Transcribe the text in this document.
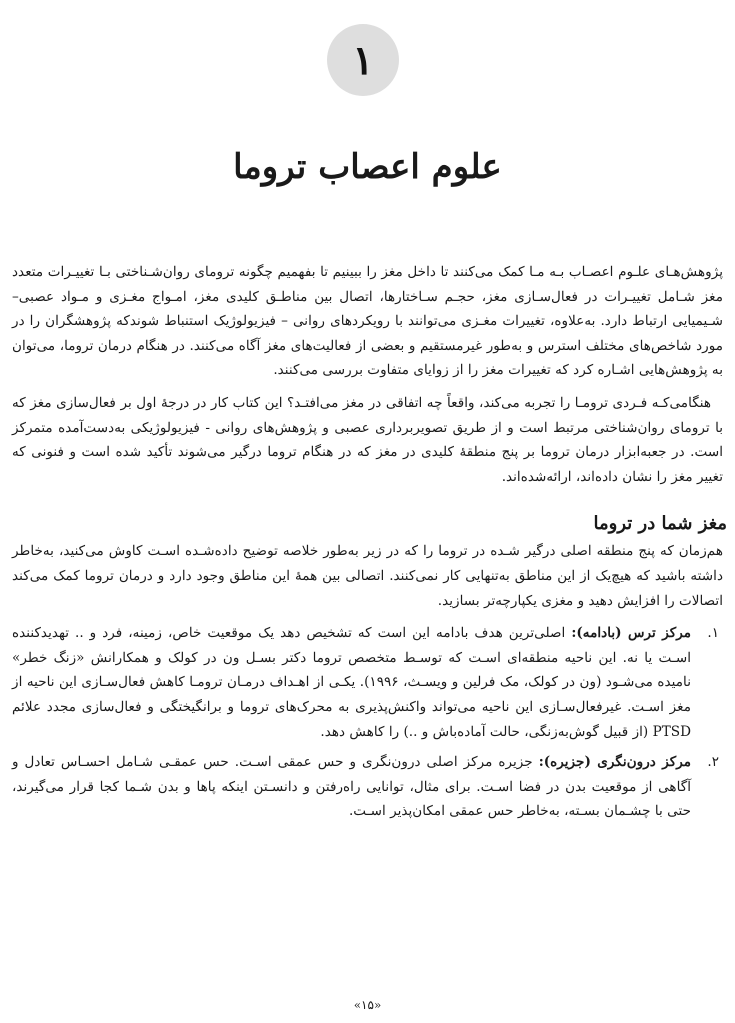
۱
علوم اعصاب تروما

پژوهش‌هـای علـوم اعصـاب بـه مـا کمک می‌کنند تا داخل مغز را ببینیم تا بفهمیم چگونه ترومای روان‌شـناختی بـا تغییـرات متعدد مغز شـامل تغییـرات در فعال‌سـازی مغز، حجـم سـاختارها، اتصال بین مناطـق کلیدی مغز، امـواج مغـزی و مـواد عصبی– شـیمیایی ارتباط دارد. به‌علاوه، تغییرات مغـزی می‌توانند با رویکردهای روانی – فیزیولوژیک استنباط شوندکه پژوهشگران را در مورد شاخص‌های مختلف استرس و به‌طور غیرمستقیم و بعضی از فعالیت‌های مغز آگاه می‌کنند. در هنگام درمان تروما، می‌توان به پژوهش‌هایی اشـاره کرد که تغییرات مغز را از زوایای متفاوت بررسی می‌کنند.

هنگامی‌کـه فـردی ترومـا را تجربه می‌کند، واقعاً چه اتفاقی در مغز می‌افتـد؟ این کتاب کار در درجهٔ اول بر فعال‌سازی مغز که با ترومای روان‌شناختی مرتبط است و از طریق تصویربرداری عصبی و پژوهش‌های روانی - فیزیولوژیکی به‌دست‌آمده متمرکز است. در جعبه‌ابزار درمان تروما بر پنج منطقهٔ کلیدی در مغز که در هنگام تروما درگیر می‌شوند تأکید شده است و فنونی که تغییر مغز را نشان داده‌اند، ارائه‌شده‌اند.

مغز شما در تروما

هم‌زمان که پنج منطقه اصلی درگیر شـده در تروما را که در زیر به‌طور خلاصه توضیح داده‌شـده اسـت کاوش می‌کنید، به‌خاطر داشته باشید که هیچ‌یک از این مناطق به‌تنهایی کار نمی‌کنند. اتصالی بین همهٔ این مناطق وجود دارد و درمان تروما کمک می‌کند اتصالات را افزایش دهید و مغزی یکپارچه‌تر بسازید.

۱.
مرکز ترس (بادامه): اصلی‌ترین هدف بادامه این است که تشخیص دهد یک موقعیت خاص، زمینه، فرد و .. تهدیدکننده اسـت یا نه. این ناحیه منطقه‌ای اسـت که توسـط متخصص تروما دکتر بسـل ون در کولک و همکارانش «زنگ خطر» نامیده می‌شـود (ون در کولک، مک فرلین و ویسـث، ۱۹۹۶). یکـی از اهـداف درمـان ترومـا کاهش فعال‌سـازی این ناحیه از مغز اسـت. غیرفعال‌سـازی این ناحیه می‌تواند واکنش‌پذیری به محرک‌های تروما و برانگیختگی و فعال‌سازی مجدد علائم PTSD (از قبیل گوش‌به‌زنگی، حالت آماده‌باش و ..) را کاهش دهد.
۲.
مرکز درون‌نگری (جزیره): جزیره مرکز اصلی درون‌نگری و حس عمقی اسـت. حس عمقـی شـامل احسـاس تعادل و آگاهی از موقعیت بدن در فضا اسـت. برای مثال، توانایی راه‌رفتن و دانسـتن اینکه پاها و بدن شـما کجا قرار می‌گیرند، حتی با چشـمان بسـته، به‌خاطر حس عمقی امکان‌پذیر اسـت.
«۱۵»
